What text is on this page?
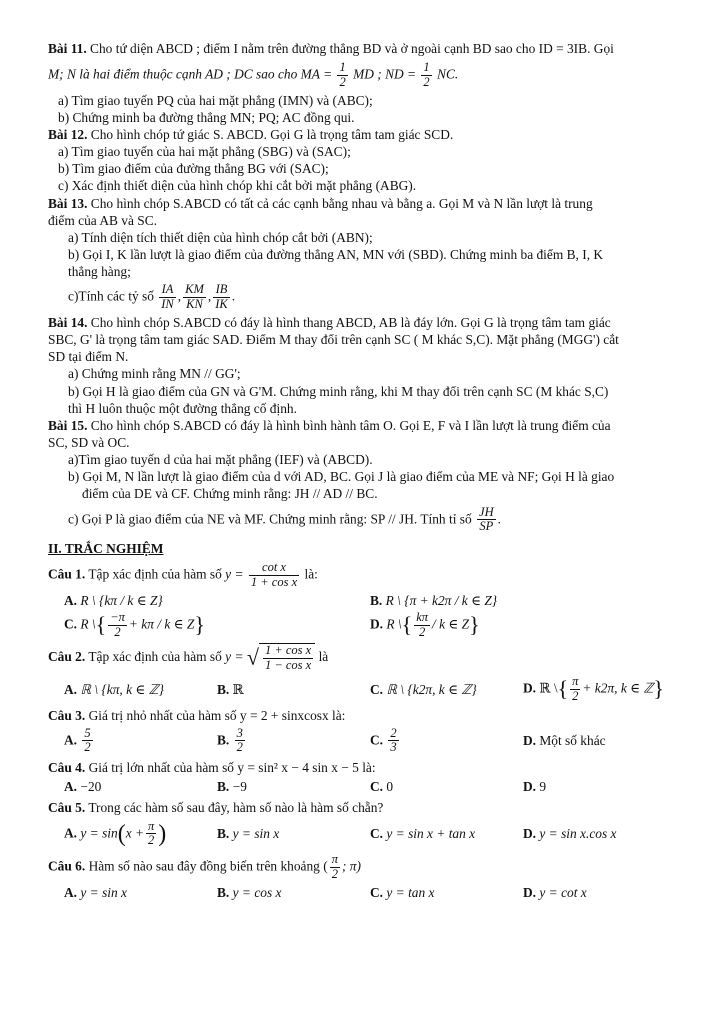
Bài 11. Cho tứ diện ABCD ; điểm I nằm trên đường thẳng BD và ở ngoài cạnh BD sao cho ID = 3IB. Gọi

M; N là hai điểm thuộc cạnh AD ; DC sao cho MA = $\frac{1}{2}$ MD ; ND = $\frac{1}{2}$ NC.

a) Tìm giao tuyến PQ của hai mặt phẳng (IMN) và (ABC);

b) Chứng minh ba đường thẳng MN; PQ; AC đồng qui.

Bài 12. Cho hình chóp tứ giác S. ABCD. Gọi G là trọng tâm tam giác SCD.

a) Tìm giao tuyến của hai mặt phẳng (SBG) và (SAC);

b) Tìm giao điểm của đường thẳng BG với (SAC);

c) Xác định thiết diện của hình chóp khi cắt bởi mặt phẳng (ABG).

Bài 13. Cho hình chóp S.ABCD có tất cả các cạnh bằng nhau và bằng a. Gọi M và N lần lượt là trung

điểm của AB và SC.

a) Tính diện tích thiết diện của hình chóp cắt bởi (ABN);

b) Gọi I, K lần lượt là giao điểm của đường thẳng AN, MN với (SBD). Chứng minh ba điểm B, I, K

thẳng hàng;

c)Tính các tỷ số $\frac{IA}{IN}$ , $\frac{KM}{KN}$ , $\frac{IB}{IK}$ .

Bài 14. Cho hình chóp S.ABCD có đáy là hình thang ABCD, AB là đáy lớn. Gọi G là trọng tâm tam giác

SBC, G' là trọng tâm tam giác SAD. Điểm M thay đổi trên cạnh SC ( M khác S,C). Mặt phẳng (MGG') cắt

SD tại điểm N.

a) Chứng minh rằng MN // GG';

b) Gọi H là giao điểm của GN và G'M. Chứng minh rằng, khi M thay đổi trên cạnh SC (M khác S,C)

thì H luôn thuộc một đường thẳng cố định.

Bài 15. Cho hình chóp S.ABCD có đáy là hình bình hành tâm O. Gọi E, F và I lần lượt là trung điểm của

SC, SD và OC.

a)Tìm giao tuyến d của hai mặt phẳng (IEF) và (ABCD).

b) Gọi M, N lần lượt là giao điểm của d với AD, BC. Gọi J là giao điểm của ME và NF; Gọi H là giao

điểm của DE và CF. Chứng minh rằng: JH // AD // BC.

c) Gọi P là giao điểm của NE và MF. Chứng minh rằng: SP // JH. Tính tỉ số $\frac{JH}{SP}$ .

II. TRẮC NGHIỆM

Câu 1. Tập xác định của hàm số $y = \frac{\text{cot x}}{\text{1 + cos x}}$ là:

A. R \ {kπ / k ∈ Z}	B. R \ {π + k2π / k ∈ Z}
C. R \{ $\frac{-\pi}{2} + k\pi / k$ ∈ Z}	D. R \{ $\frac{k\pi}{2}$ / k ∈ Z}

Câu 2. Tập xác định của hàm số y = √ $\frac{\text{1 + cos x}}{\text{1 − cos x}}$ là

A. ℝ \ {kπ, k ∈ ℤ}	B. ℝ	C. ℝ \ {k2π, k ∈ ℤ}	D. ℝ \{ $\frac{\pi}{2} + k2\pi$, k ∈ ℤ}

Câu 3. Giá trị nhỏ nhất của hàm số y = 2 + sinxcosx là:

A. $\frac{5}{2}$	B. $\frac{3}{2}$	C. $\frac{2}{3}$	D. Một số khác

Câu 4. Giá trị lớn nhất của hàm số y = sin² x − 4 sin x − 5 là:

A. −20	B. −9	C. 0	D. 9

Câu 5. Trong các hàm số sau đây, hàm số nào là hàm số chẵn?

A. $y = \sin(x + \frac{\pi}{2}$ )	B. y = sin x	C. y = sin x + tan x	D. y = sin x.cos x

Câu 6. Hàm số nào sau đây đồng biến trên khoảng ( $\frac{\pi}{2}$ ; π)

A. y = sin x	B. y = cos x	C. y = tan x	D. y = cot x
